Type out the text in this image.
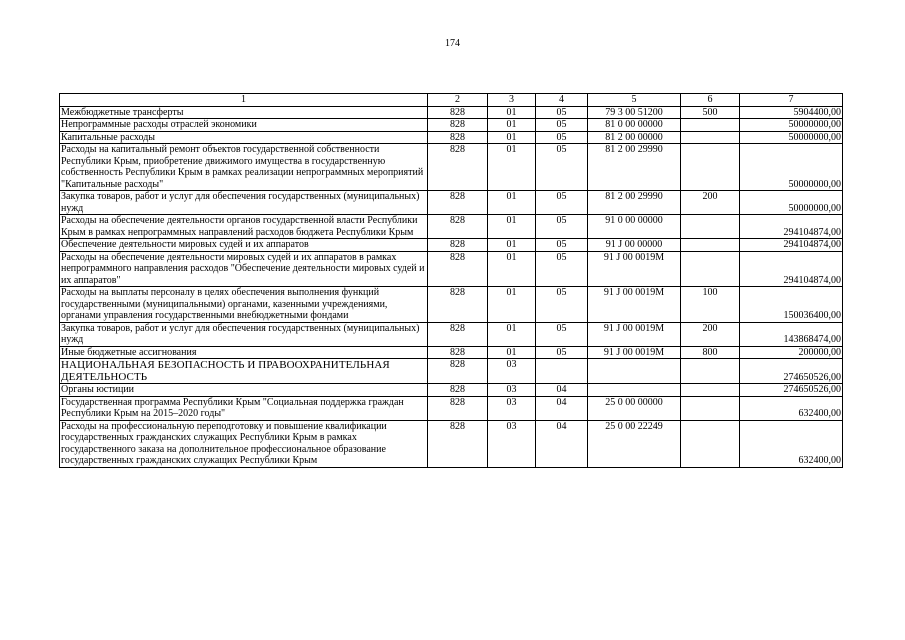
174
1	2	3	4	5	6	7
Межбюджетные трансферты	828	01	05	79 3 00 51200	500	5904400,00
Непрограммные расходы отраслей экономики	828	01	05	81 0 00 00000		50000000,00
Капитальные расходы	828	01	05	81 2 00 00000		50000000,00
Расходы на капитальный ремонт объектов государственной собственности Республики Крым, приобретение движимого имущества в государственную собственность Республики Крым в рамках реализации непрограммных мероприятий "Капитальные расходы"	828	01	05	81 2 00 29990		50000000,00
Закупка товаров, работ и услуг для обеспечения государственных (муниципальных) нужд	828	01	05	81 2 00 29990	200	50000000,00
Расходы на обеспечение деятельности органов государственной власти Республики Крым в рамках непрограммных направлений расходов бюджета Республики Крым	828	01	05	91 0 00 00000		294104874,00
Обеспечение деятельности мировых судей и их аппаратов	828	01	05	91 J 00 00000		294104874,00
Расходы на обеспечение деятельности мировых судей и их аппаратов в рамках непрограммного направления расходов "Обеспечение деятельности мировых судей и их аппаратов"	828	01	05	91 J 00 0019M		294104874,00
Расходы на выплаты персоналу в целях обеспечения выполнения функций государственными (муниципальными) органами, казенными учреждениями, органами управления государственными внебюджетными фондами	828	01	05	91 J 00 0019M	100	150036400,00
Закупка товаров, работ и услуг для обеспечения государственных (муниципальных) нужд	828	01	05	91 J 00 0019M	200	143868474,00
Иные бюджетные ассигнования	828	01	05	91 J 00 0019M	800	200000,00
НАЦИОНАЛЬНАЯ БЕЗОПАСНОСТЬ И ПРАВООХРАНИТЕЛЬНАЯ ДЕЯТЕЛЬНОСТЬ	828	03				274650526,00
Органы юстиции	828	03	04			274650526,00
Государственная программа Республики Крым "Социальная поддержка граждан Республики Крым на 2015–2020 годы"	828	03	04	25 0 00 00000		632400,00
Расходы на профессиональную переподготовку и повышение квалификации государственных гражданских служащих Республики Крым в рамках государственного заказа на дополнительное профессиональное образование государственных гражданских служащих Республики Крым	828	03	04	25 0 00 22249		632400,00
